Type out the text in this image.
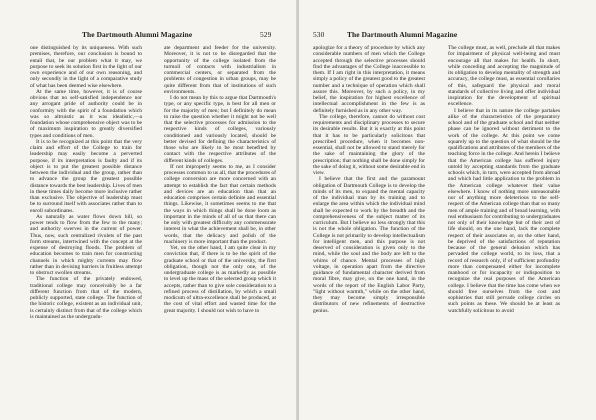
The Dartmouth Alumni Magazine	529

one distinguished by its uniqueness. With such premises, therefore, our conclusion is bound to entail that, be our problem what it may, we purpose to seek its solution first in the light of our own experience and of our own reasoning, and only secondly in the light of a comparative study of what has been deemed wise elsewhere.

At the same time, however, it is of course obvious that no self-satisfied independence nor any arrogant pride of authority could be in conformity with the spirit of a foundation which was so altruistic as it was idealistic,—a foundation whose comprehensive object was to be of maximum inspiration to greatly diversified types and conditions of men.

It is to be recognized at this point that the very claim and effort of the College to train for leadership may easily become a perverted purpose, if its interpretation is faulty and if its object is to put the greatest possible distance between the individual and the group, rather than to advance the group the greatest possible distance towards the best leadership. Lives of men in these times daily become more inclusive rather than exclusive. The objective of leadership must be to surround itself with associates rather than to enroll subordinates.

As naturally as water flows down hill, so power tends to flow from the few to the many; and authority swerves in the current of power. Thus, now, such centralized rivulets of the past form streams, intertwined with the concept at the expense of destroying floods. The problem of education becomes to train men for constructing channels in which mighty currents may flow rather than in devising barriers in fruitless attempt to obstruct swollen streams.

The function of the privately endowed, traditional college may conceivably be a far different function from that of the modern, publicly supported, state college. The function of the historic college, existent as an individual unit, is certainly distinct from that of the college which is maintained as the undergradu-

ate department and feeder for the university. Moreover, it is not to be disregarded that the opportunity of the college isolated from the turmoil of contacts with industrialism in commercial centers, or separated from the problems of congestion in urban groups, may be quite different from that of institutions of such environments.

I do not mean by this to argue that Dartmouth's type, or any specific type, is best for all men or for the majority of men; but I definitely do mean to raise the question whether it might not be well that the selective processes for admission to the respective kinds of colleges, variously conditioned and variously located, should be better devised for defining the characteristics of those who are likely to be most benefited by contact with the respective attributes of the different kinds of colleges.

If not improperly seems to me, as I consider processes common to us all, that the procedures of college conversion are more concerned with an attempt to establish the fact that certain methods and devices are an education than that an education comprises certain definite and essential things. Likewise, it sometimes seems to me that the ways in which things shall be done loom as important in the minds of all of us that there can be only with greatest difficulty any commensurate interest in what the achievement shall be, in other words, that the delicacy and polish of the machinery is more important than the product.

Yet, on the other hand, I am quite clear in my conviction that, if there is to be the spirit of the graduate school or that of the university, the first obligation, though not the only one, of the undergraduate college is as markedly as possible to level up the mass of the selected group which it accepts, rather than to give sole consideration to a refined process of distillation, by which a small modicum of ultra-excellence shall be produced, at the cost of vital effort and wasted time for the great majority. I should not wish to have to

530	The Dartmouth Alumni Magazine

apologize for a theory of procedure by which any considerable numbers of men which the College accepted through the selective processes should find the advantages of the College inaccessible to them. If I am right in this interpretation, it means simply a policy of the greatest good to the greatest number and a technique of operation which shall assure this. Moreover, by such a policy, in my belief, the inspiration for highest excellence of intellectual accomplishment in the few is as definitely furnished as in any other way.

The college, therefore, cannot do without cost requirements and disciplinary processes to secure its desirable results. But it is exactly at this point that it has to be particularly solicitous that prescribed procedure, when it becomes non-essential, shall not be allowed to stand merely for the sake of maintaining the glory of the prescription; that nothing shall be done simply for the sake of doing it, without some desirable end in view.

I believe that the first and the paramount obligation of Dartmouth College is to develop the minds of its men, to expand the mental capacity of the individual man by its training and to enlarge the area within which the individual mind shall be expected to work by the breadth and the comprehensiveness of the subject matter of its curriculum. But I believe no less strongly that this is not the whole obligation. The function of the College is not primarily to develop intellectualism for intelligent men, and this purpose is not deserved of consideration is given only to the mind, while the soul and the body are left to the whims of chance. Mental processes of high voltage, in operation apart from the directive guidance of fundamental character derived from moral fibre, may give, on the one hand, in the words of the report of the English Labor Party, "light without warmth," while on the other hand, they may become simply irresponsible distributors of new refinements of destructive genius.

The college must, as well, preclude all that makes for impairment of physical well-being and must encourage all that makes for health. In short, while conceding and accepting the magnitude of its obligation to develop mentality of strength and accuracy, the college must, as essential corollaries of this, safeguard the physical and moral standards of collective living and offer individual inspiration for the development of spiritual excellence.

I believe that in its nature the college partakes alike of the characteristics of the preparatory school and of the graduate school and that neither phase can be ignored without detriment to the work of the college. At this point we come squarely up to the question of what should be the qualifications and attributes of the members of the teaching force in the college. And herein I believe that the American college has suffered injury untold by accepting standards from the graduate schools which, in turn, were accepted from abroad and which had little application to the problem in the American college whatever their value elsewhere. I know of nothing more unreasonable nor of anything more deleterious to the self-respect of the American college than that so many men of ample training and of broad learning, with real enthusiasm for contributing to undergraduates not only of their knowledge but of their zest of life should, on the one hand, lack the complete respect of their associates or, on the other hand, be deprived of the satisfactions of reputation because of the general delusion which has pervaded the college world, to its loss, that a record of research only, if of sufficient profundity more than compensated either for incomplete manhood or for incapacity or indisposition to recognize the real purposes of the American college. I believe that the time has come when we should free ourselves from the cost and sophistries that still pervade college circles on such points as these. We should be at least as watchfully solicitous to avoid
